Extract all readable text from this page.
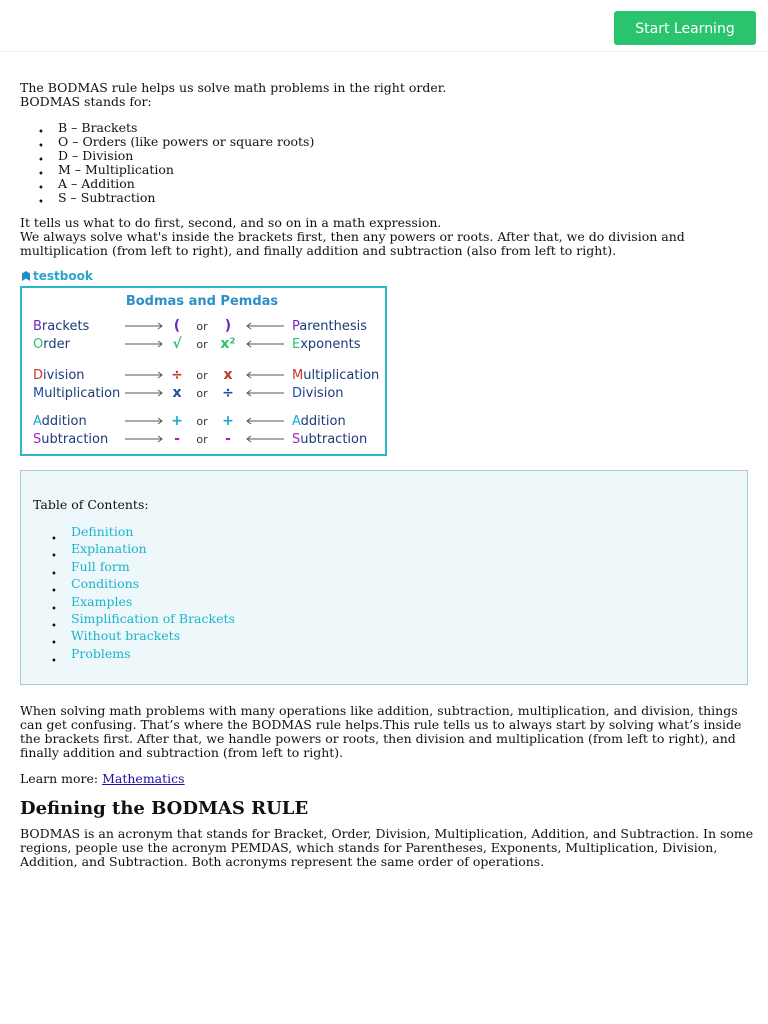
Start Learning

The BODMAS rule helps us solve math problems in the right order.

BODMAS stands for:

• B – Brackets
• O – Orders (like powers or square roots)
• D – Division
• M – Multiplication
• A – Addition
• S – Subtraction

It tells us what to do first, second, and so on in a math expression.

We always solve what's inside the brackets first, then any powers or roots. After that, we do division and multiplication (from left to right), and finally addition and subtraction (also from left to right).

testbook
Bodmas and Pemdas
Brackets	( or )	Parenthesis
Order	√ or x²	Exponents
Division	÷ or x	Multiplication
Multiplication	x or ÷	Division
Addition	+ or +	Addition
Subtraction	- or -	Subtraction
Table of Contents:
•
Definition
•
Explanation
•
Full form
•
Conditions
•
Examples
•
Simplification of Brackets
•
Without brackets
•
Problems

When solving math problems with many operations like addition, subtraction, multiplication, and division, things can get confusing. That’s where the BODMAS rule helps.This rule tells us to always start by solving what’s inside the brackets first. After that, we handle powers or roots, then division and multiplication (from left to right), and finally addition and subtraction (from left to right).

Learn more: Mathematics
Defining the BODMAS RULE

BODMAS is an acronym that stands for Bracket, Order, Division, Multiplication, Addition, and Subtraction. In some regions, people use the acronym PEMDAS, which stands for Parentheses, Exponents, Multiplication, Division, Addition, and Subtraction. Both acronyms represent the same order of operations.
